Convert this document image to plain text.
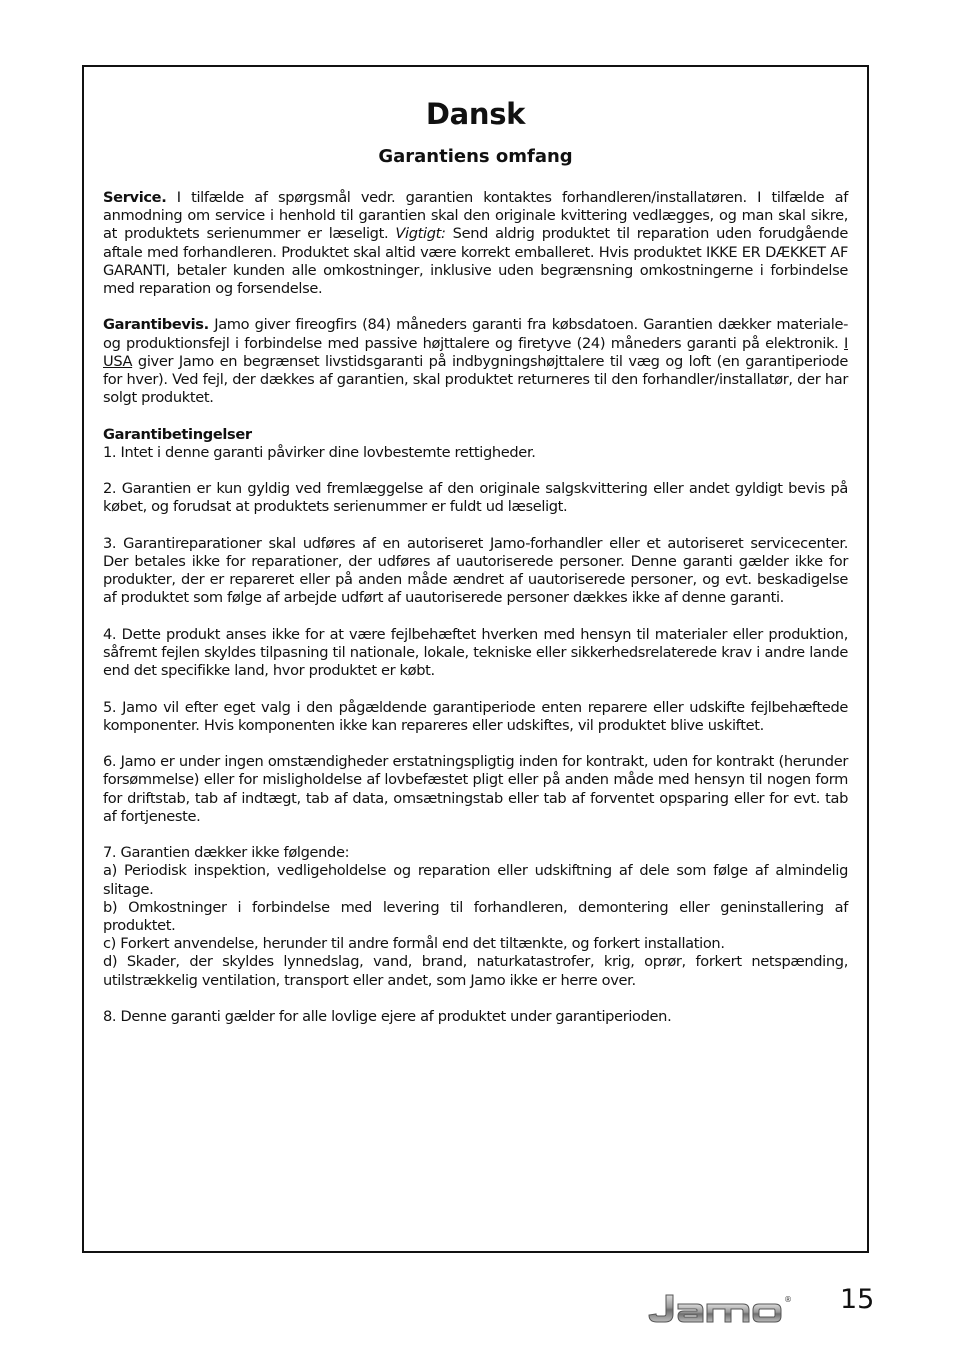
Dansk
Garantiens omfang

Service. I tilfælde af spørgsmål vedr. garantien kontaktes forhandleren/installatøren. I tilfælde af anmodning om service i henhold til garantien skal den originale kvittering vedlægges, og man skal sikre, at produktets serienummer er læseligt. Vigtigt: Send aldrig produktet til reparation uden forudgående aftale med forhandleren. Produktet skal altid være korrekt emballeret. Hvis produktet IKKE ER DÆKKET AF GARANTI, betaler kunden alle omkostninger, inklusive uden begrænsning omkostningerne i forbindelse med reparation og forsendelse.

Garantibevis. Jamo giver fireogfirs (84) måneders garanti fra købsdatoen. Garantien dækker materiale- og produktionsfejl i forbindelse med passive højttalere og firetyve (24) måneders garanti på elektronik. I USA giver Jamo en begrænset livstidsgaranti på indbygningshøjttalere til væg og loft (en garantiperiode for hver). Ved fejl, der dækkes af garantien, skal produktet returneres til den forhandler/installatør, der har solgt produktet.

Garantibetingelser
1. Intet i denne garanti påvirker dine lovbestemte rettigheder.

2. Garantien er kun gyldig ved fremlæggelse af den originale salgskvittering eller andet gyldigt bevis på købet, og forudsat at produktets serienummer er fuldt ud læseligt.

3. Garantireparationer skal udføres af en autoriseret Jamo-forhandler eller et autoriseret servicecenter. Der betales ikke for reparationer, der udføres af uautoriserede personer. Denne garanti gælder ikke for produkter, der er repareret eller på anden måde ændret af uautoriserede personer, og evt. beskadigelse af produktet som følge af arbejde udført af uautoriserede personer dækkes ikke af denne garanti.

4. Dette produkt anses ikke for at være fejlbehæftet hverken med hensyn til materialer eller produktion, såfremt fejlen skyldes tilpasning til nationale, lokale, tekniske eller sikkerhedsrelaterede krav i andre lande end det specifikke land, hvor produktet er købt.

5. Jamo vil efter eget valg i den pågældende garantiperiode enten reparere eller udskifte fejlbehæftede komponenter. Hvis komponenten ikke kan repareres eller udskiftes, vil produktet blive uskiftet.

6. Jamo er under ingen omstændigheder erstatningspligtig inden for kontrakt, uden for kontrakt (herunder forsømmelse) eller for misligholdelse af lovbefæstet pligt eller på anden måde med hensyn til nogen form for driftstab, tab af indtægt, tab af data, omsætningstab eller tab af forventet opsparing eller for evt. tab af fortjeneste.

7. Garantien dækker ikke følgende:
a) Periodisk inspektion, vedligeholdelse og reparation eller udskiftning af dele som følge af almindelig slitage.
b) Omkostninger i forbindelse med levering til forhandleren, demontering eller geninstallering af produktet.
c) Forkert anvendelse, herunder til andre formål end det tiltænkte, og forkert installation.
d) Skader, der skyldes lynnedslag, vand, brand, naturkatastrofer, krig, oprør, forkert netspænding, utilstrækkelig ventilation, transport eller andet, som Jamo ikke er herre over.

8. Denne garanti gælder for alle lovlige ejere af produktet under garantiperioden.

® 15
